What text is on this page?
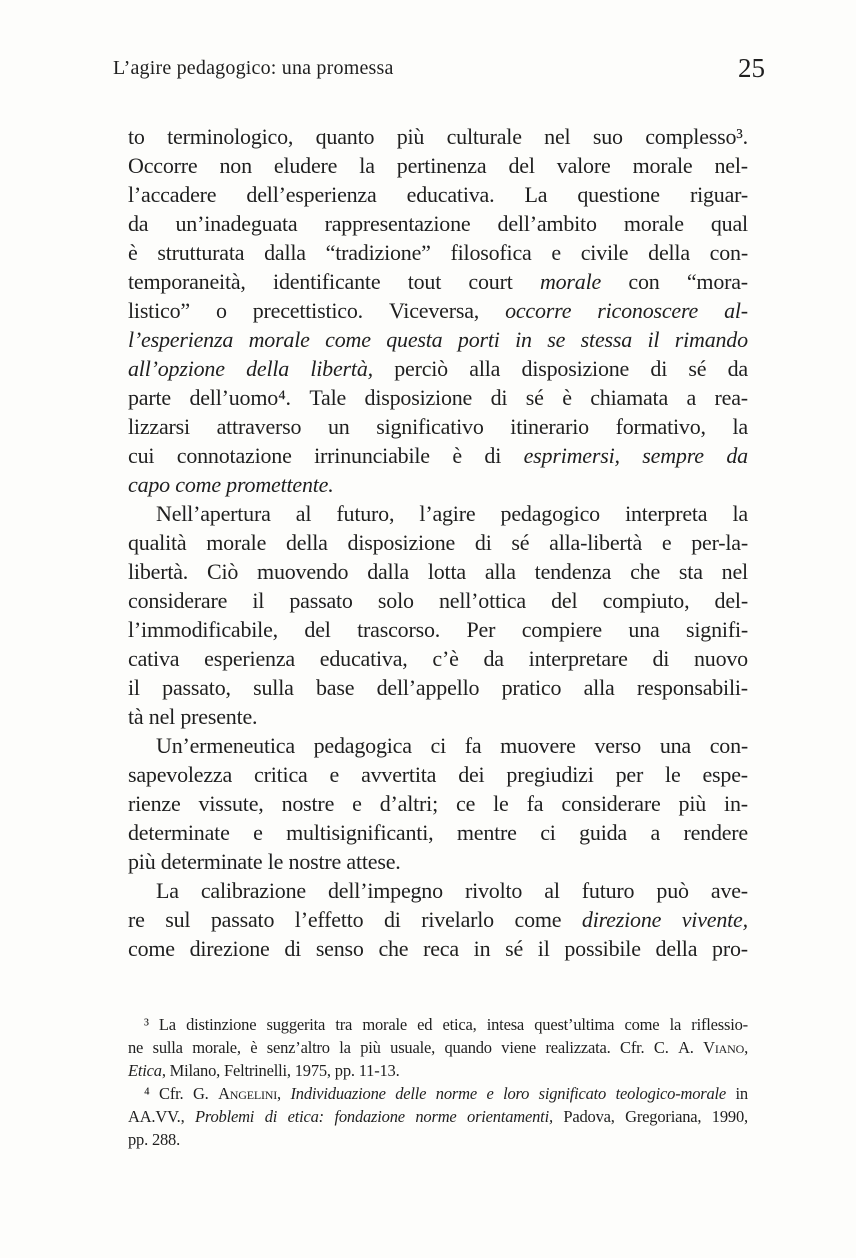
L’agire pedagogico: una promessa	25
to terminologico, quanto più culturale nel suo complesso³.
Occorre non eludere la pertinenza del valore morale nel-
l’accadere dell’esperienza educativa. La questione riguar-
da un’inadeguata rappresentazione dell’ambito morale qual
è strutturata dalla “tradizione” filosofica e civile della con-
temporaneità, identificante tout court morale con “mora-
listico” o precettistico. Viceversa, occorre riconoscere al-
l’esperienza morale come questa porti in se stessa il rimando
all’opzione della libertà, perciò alla disposizione di sé da
parte dell’uomo⁴. Tale disposizione di sé è chiamata a rea-
lizzarsi attraverso un significativo itinerario formativo, la
cui connotazione irrinunciabile è di esprimersi, sempre da
capo come promettente.
Nell’apertura al futuro, l’agire pedagogico interpreta la
qualità morale della disposizione di sé alla-libertà e per-la-
libertà. Ciò muovendo dalla lotta alla tendenza che sta nel
considerare il passato solo nell’ottica del compiuto, del-
l’immodificabile, del trascorso. Per compiere una signifi-
cativa esperienza educativa, c’è da interpretare di nuovo
il passato, sulla base dell’appello pratico alla responsabili-
tà nel presente.
Un’ermeneutica pedagogica ci fa muovere verso una con-
sapevolezza critica e avvertita dei pregiudizi per le espe-
rienze vissute, nostre e d’altri; ce le fa considerare più in-
determinate e multisignificanti, mentre ci guida a rendere
più determinate le nostre attese.
La calibrazione dell’impegno rivolto al futuro può ave-
re sul passato l’effetto di rivelarlo come direzione vivente,
come direzione di senso che reca in sé il possibile della pro-
³ La distinzione suggerita tra morale ed etica, intesa quest’ultima come la riflessio-
ne sulla morale, è senz’altro la più usuale, quando viene realizzata. Cfr. C. A. Viano,
Etica, Milano, Feltrinelli, 1975, pp. 11-13.
⁴ Cfr. G. Angelini, Individuazione delle norme e loro significato teologico-morale in
AA.VV., Problemi di etica: fondazione norme orientamenti, Padova, Gregoriana, 1990,
pp. 288.
